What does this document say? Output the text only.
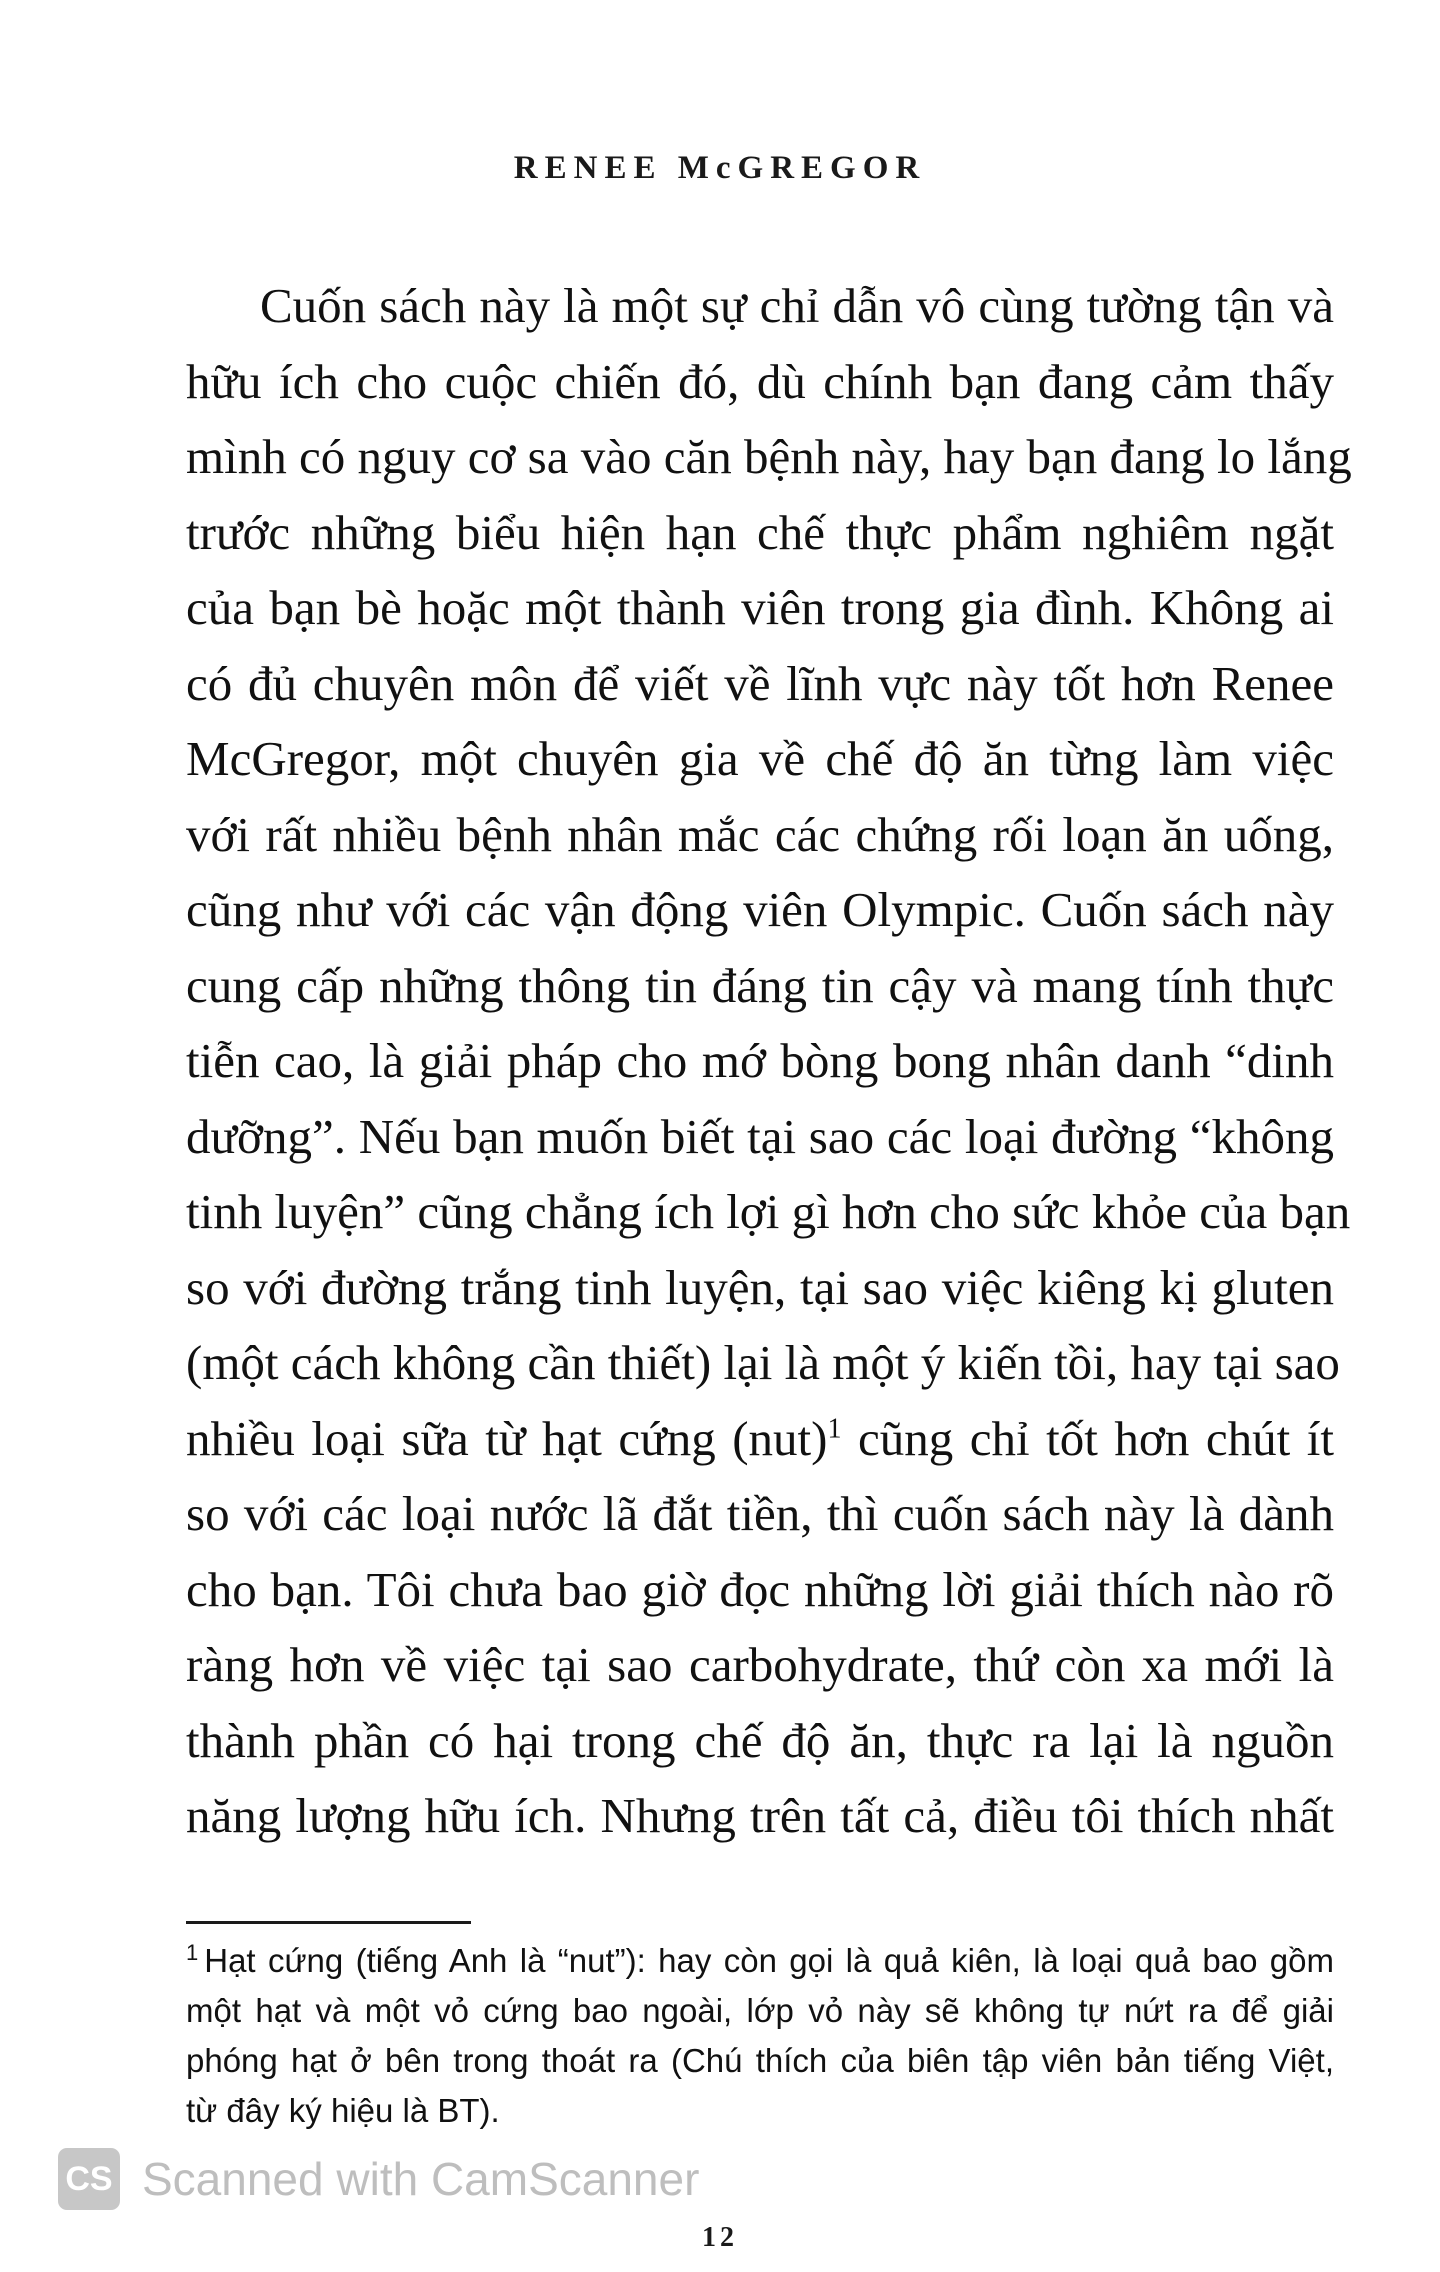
RENEE McGREGOR
Cuốn sách này là một sự chỉ dẫn vô cùng tường tận và
hữu ích cho cuộc chiến đó, dù chính bạn đang cảm thấy
mình có nguy cơ sa vào căn bệnh này, hay bạn đang lo lắng
trước những biểu hiện hạn chế thực phẩm nghiêm ngặt
của bạn bè hoặc một thành viên trong gia đình. Không ai
có đủ chuyên môn để viết về lĩnh vực này tốt hơn Renee
McGregor, một chuyên gia về chế độ ăn từng làm việc
với rất nhiều bệnh nhân mắc các chứng rối loạn ăn uống,
cũng như với các vận động viên Olympic. Cuốn sách này
cung cấp những thông tin đáng tin cậy và mang tính thực
tiễn cao, là giải pháp cho mớ bòng bong nhân danh “dinh
dưỡng”. Nếu bạn muốn biết tại sao các loại đường “không
tinh luyện” cũng chẳng ích lợi gì hơn cho sức khỏe của bạn
so với đường trắng tinh luyện, tại sao việc kiêng kị gluten
(một cách không cần thiết) lại là một ý kiến tồi, hay tại sao
nhiều loại sữa từ hạt cứng (nut)$^1$ cũng chỉ tốt hơn chút ít
so với các loại nước lã đắt tiền, thì cuốn sách này là dành
cho bạn. Tôi chưa bao giờ đọc những lời giải thích nào rõ
ràng hơn về việc tại sao carbohydrate, thứ còn xa mới là
thành phần có hại trong chế độ ăn, thực ra lại là nguồn
năng lượng hữu ích. Nhưng trên tất cả, điều tôi thích nhất
$^1$ Hạt cứng (tiếng Anh là “nut”): hay còn gọi là quả kiên, là loại quả bao gồm
một hạt và một vỏ cứng bao ngoài, lớp vỏ này sẽ không tự nứt ra để giải
phóng hạt ở bên trong thoát ra (Chú thích của biên tập viên bản tiếng Việt,
từ đây ký hiệu là BT).
CS Scanned with CamScanner
12
